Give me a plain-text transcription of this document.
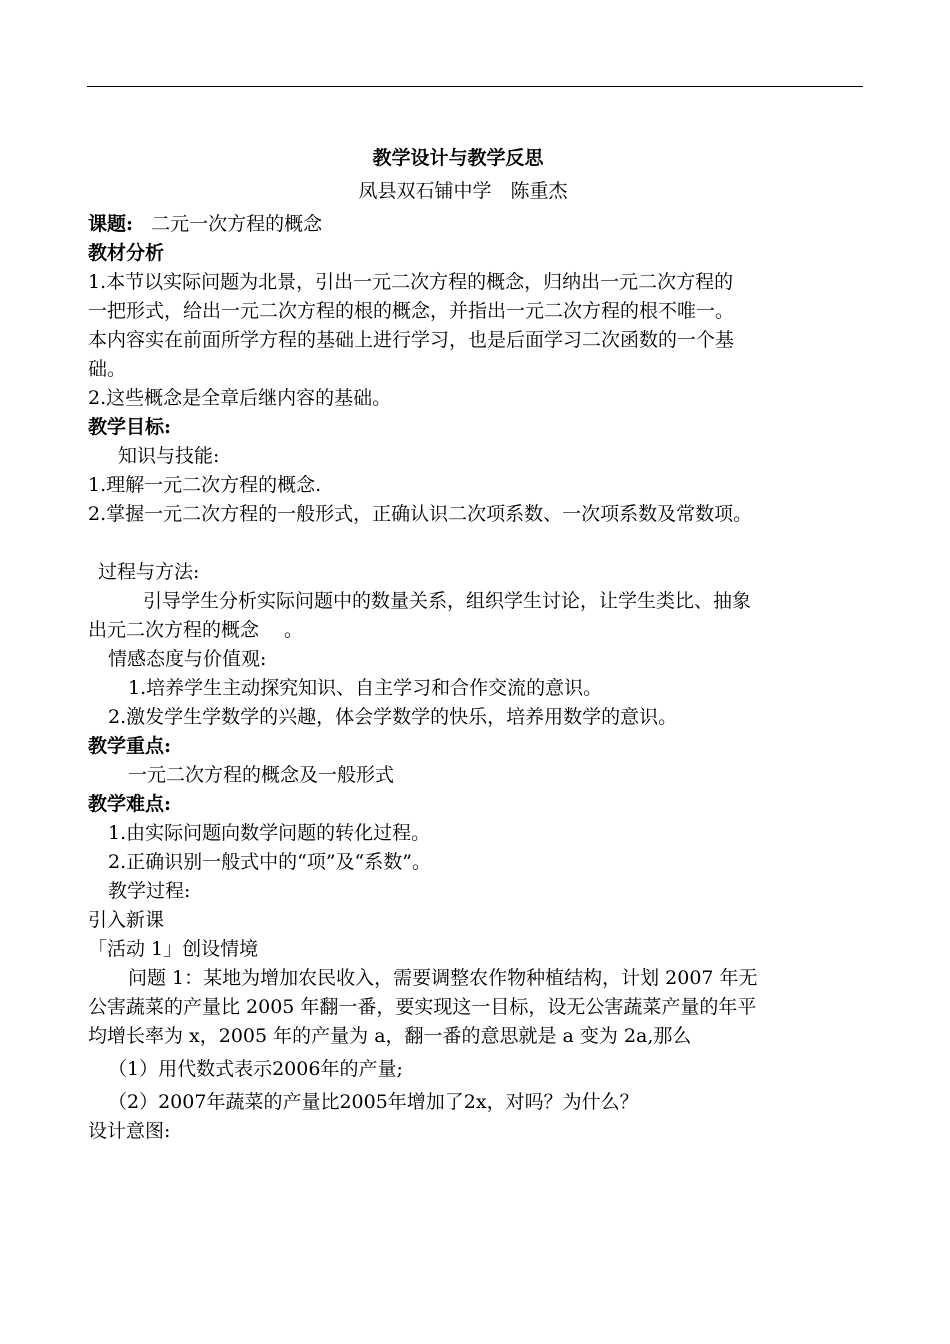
教学设计与教学反思
凤县双石铺中学　陈重杰
课题: 二元一次方程的概念
教材分析
1.本节以实际问题为北景，引出一元二次方程的概念，归纳出一元二次方程的
一把形式，给出一元二次方程的根的概念，并指出一元二次方程的根不唯一。
本内容实在前面所学方程的基础上进行学习，也是后面学习二次函数的一个基
础。
2.这些概念是全章后继内容的基础。
教学目标:
知识与技能:
1.理解一元二次方程的概念.
2.掌握一元二次方程的一般形式，正确认识二次项系数、一次项系数及常数项。
过程与方法:
引导学生分析实际问题中的数量关系，组织学生讨论，让学生类比、抽象
出元二次方程的概念　 。
情感态度与价值观:
1.培养学生主动探究知识、自主学习和合作交流的意识。
2.激发学生学数学的兴趣，体会学数学的快乐，培养用数学的意识。
教学重点:
一元二次方程的概念及一般形式
教学难点:
1.由实际问题向数学问题的转化过程。
2.正确识别一般式中的“项”及“系数”。
教学过程:
引入新课
「活动 1」创设情境
问题 1：某地为增加农民收入，需要调整农作物种植结构，计划 2007 年无
公害蔬菜的产量比 2005 年翻一番，要实现这一目标，设无公害蔬菜产量的年平
均增长率为 x，2005 年的产量为 a，翻一番的意思就是 a 变为 2a,那么
（1）用代数式表示2006年的产量;
（2）2007年蔬菜的产量比2005年增加了2x，对吗？为什么？
设计意图:
